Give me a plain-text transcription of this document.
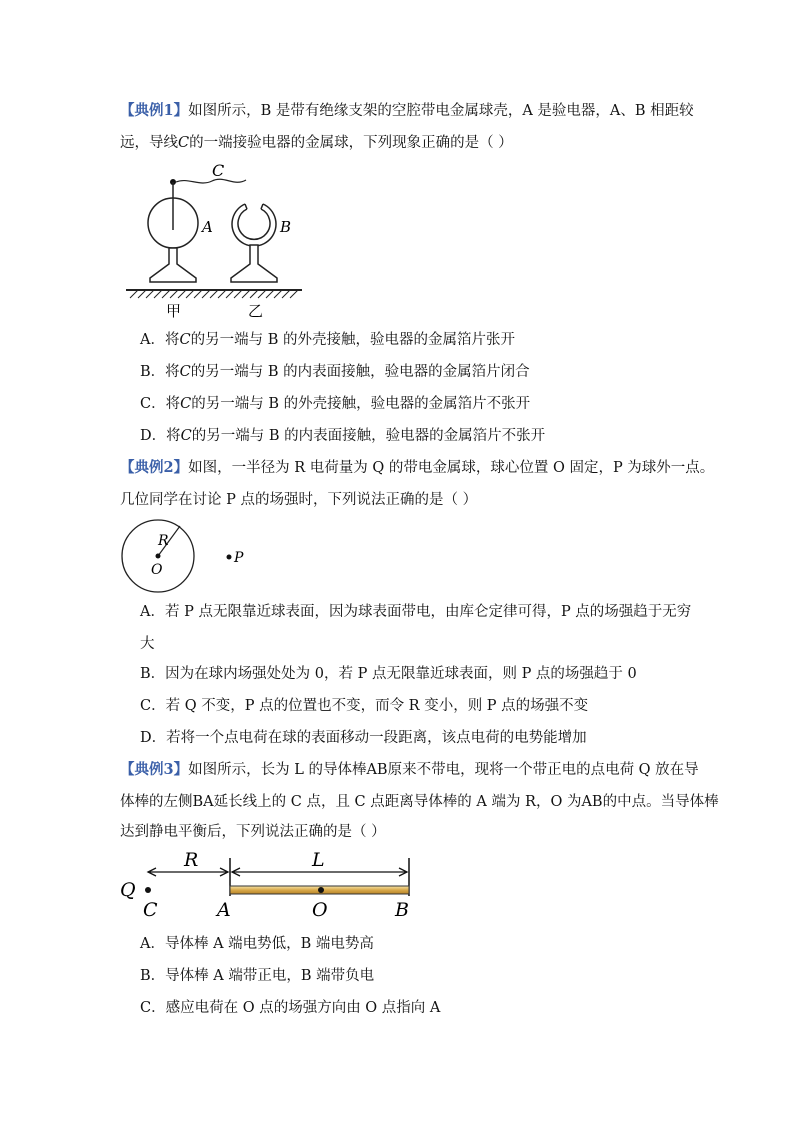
【典例1】如图所示，B 是带有绝缘支架的空腔带电金属球壳，A 是验电器，A、B 相距较
远，导线C的一端接验电器的金属球，下列现象正确的是（ ）
C
A	B
甲	乙
A．将C的另一端与 B 的外壳接触，验电器的金属箔片张开
B．将C的另一端与 B 的内表面接触，验电器的金属箔片闭合
C．将C的另一端与 B 的外壳接触，验电器的金属箔片不张开
D．将C的另一端与 B 的内表面接触，验电器的金属箔片不张开
【典例2】如图，一半径为 R 电荷量为 Q 的带电金属球，球心位置 O 固定，P 为球外一点。
几位同学在讨论 P 点的场强时，下列说法正确的是（ ）
R
O
P
A．若 P 点无限靠近球表面，因为球表面带电，由库仑定律可得，P 点的场强趋于无穷
大
B．因为在球内场强处处为 0，若 P 点无限靠近球表面，则 P 点的场强趋于 0
C．若 Q 不变，P 点的位置也不变，而令 R 变小，则 P 点的场强不变
D．若将一个点电荷在球的表面移动一段距离，该点电荷的电势能增加
【典例3】如图所示，长为 L 的导体棒AB原来不带电，现将一个带正电的点电荷 Q 放在导
体棒的左侧BA延长线上的 C 点，且 C 点距离导体棒的 A 端为 R，O 为AB的中点。当导体棒
达到静电平衡后，下列说法正确的是（ ）
R	L
Q
C	A	O	B
A．导体棒 A 端电势低，B 端电势高
B．导体棒 A 端带正电，B 端带负电
C．感应电荷在 O 点的场强方向由 O 点指向 A
